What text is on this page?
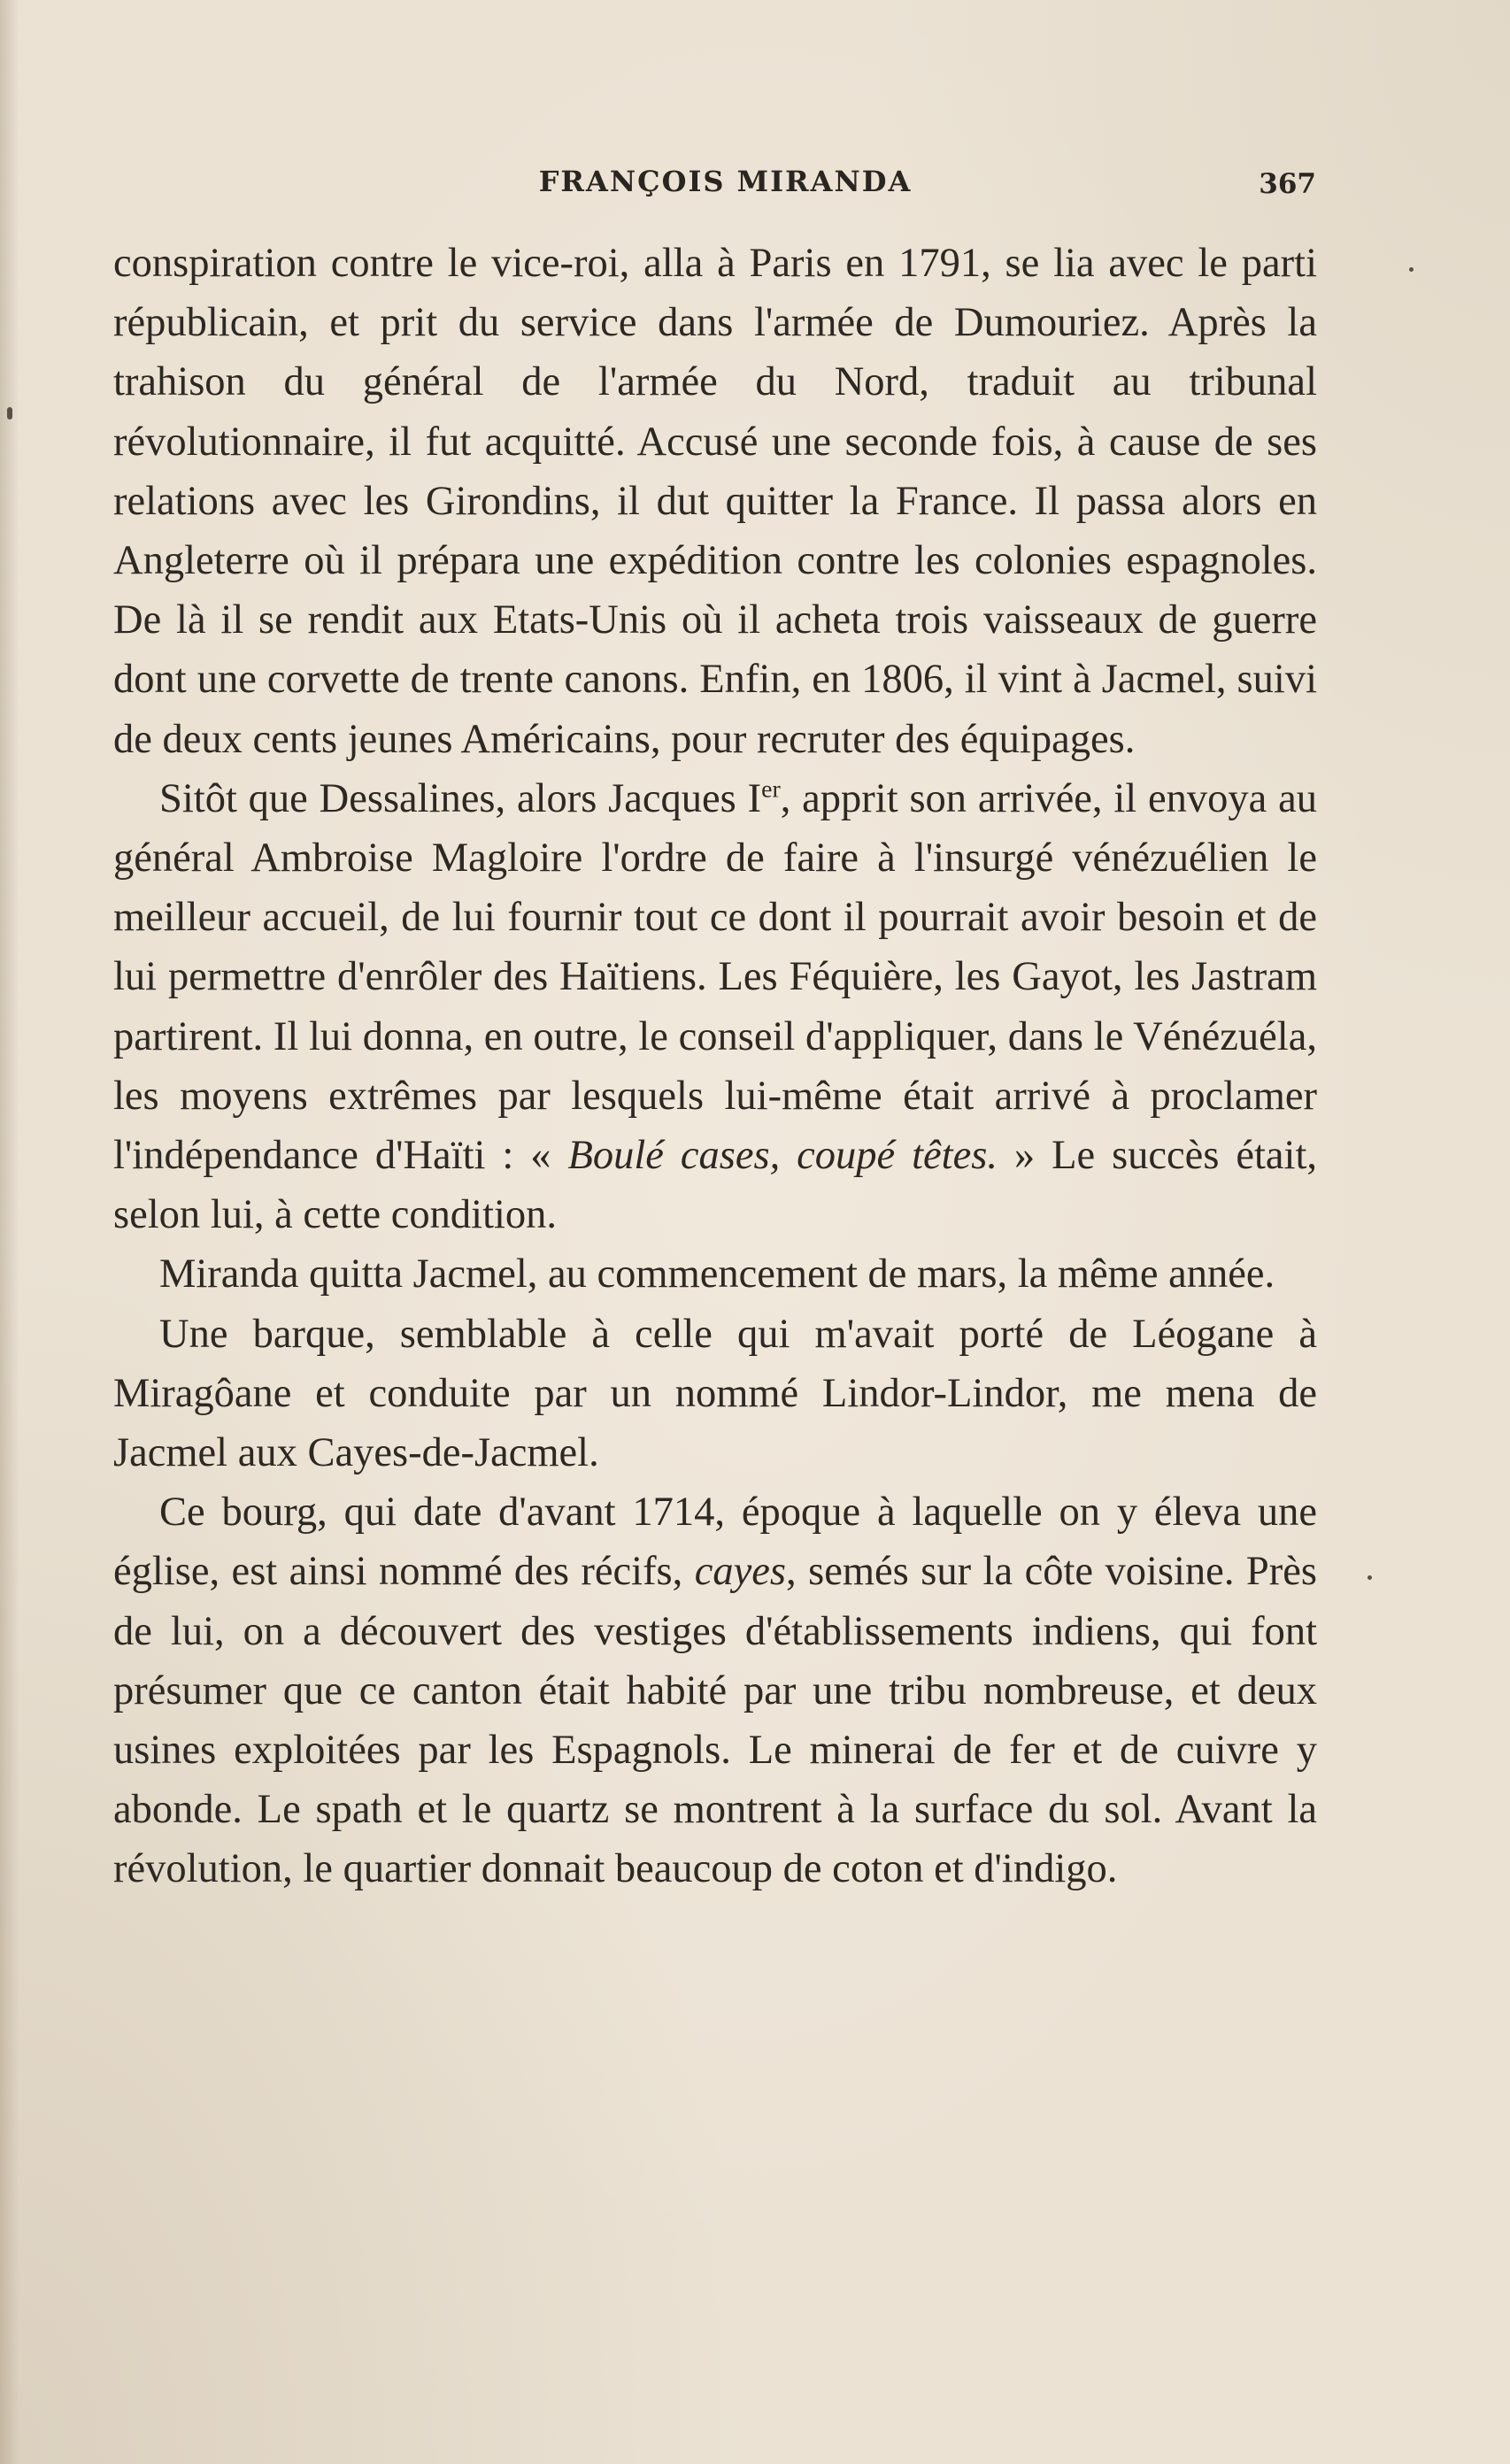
FRANÇOIS MIRANDA	367

conspiration contre le vice-roi, alla à Paris en 1791, se lia avec le parti républicain, et prit du service dans l'armée de Dumouriez. Après la trahison du général de l'armée du Nord, traduit au tribunal révolutionnaire, il fut acquitté. Accusé une seconde fois, à cause de ses relations avec les Girondins, il dut quitter la France. Il passa alors en Angleterre où il prépara une expédition contre les colonies espagnoles. De là il se rendit aux Etats-Unis où il acheta trois vaisseaux de guerre dont une corvette de trente canons. Enfin, en 1806, il vint à Jacmel, suivi de deux cents jeunes Américains, pour recruter des équipages.

Sitôt que Dessalines, alors Jacques Ier, apprit son arrivée, il envoya au général Ambroise Magloire l'ordre de faire à l'insurgé vénézuélien le meilleur accueil, de lui fournir tout ce dont il pourrait avoir besoin et de lui permettre d'enrôler des Haïtiens. Les Féquière, les Gayot, les Jastram partirent. Il lui donna, en outre, le conseil d'appliquer, dans le Vénézuéla, les moyens extrêmes par lesquels lui-même était arrivé à proclamer l'indépendance d'Haïti : « Boulé cases, coupé têtes. » Le succès était, selon lui, à cette condition.

Miranda quitta Jacmel, au commencement de mars, la même année.

Une barque, semblable à celle qui m'avait porté de Léogane à Miragôane et conduite par un nommé Lindor-Lindor, me mena de Jacmel aux Cayes-de-Jacmel.

Ce bourg, qui date d'avant 1714, époque à laquelle on y éleva une église, est ainsi nommé des récifs, cayes, semés sur la côte voisine. Près de lui, on a découvert des vestiges d'établissements indiens, qui font présumer que ce canton était habité par une tribu nombreuse, et deux usines exploitées par les Espagnols. Le minerai de fer et de cuivre y abonde. Le spath et le quartz se montrent à la surface du sol. Avant la révolution, le quartier donnait beaucoup de coton et d'indigo.
